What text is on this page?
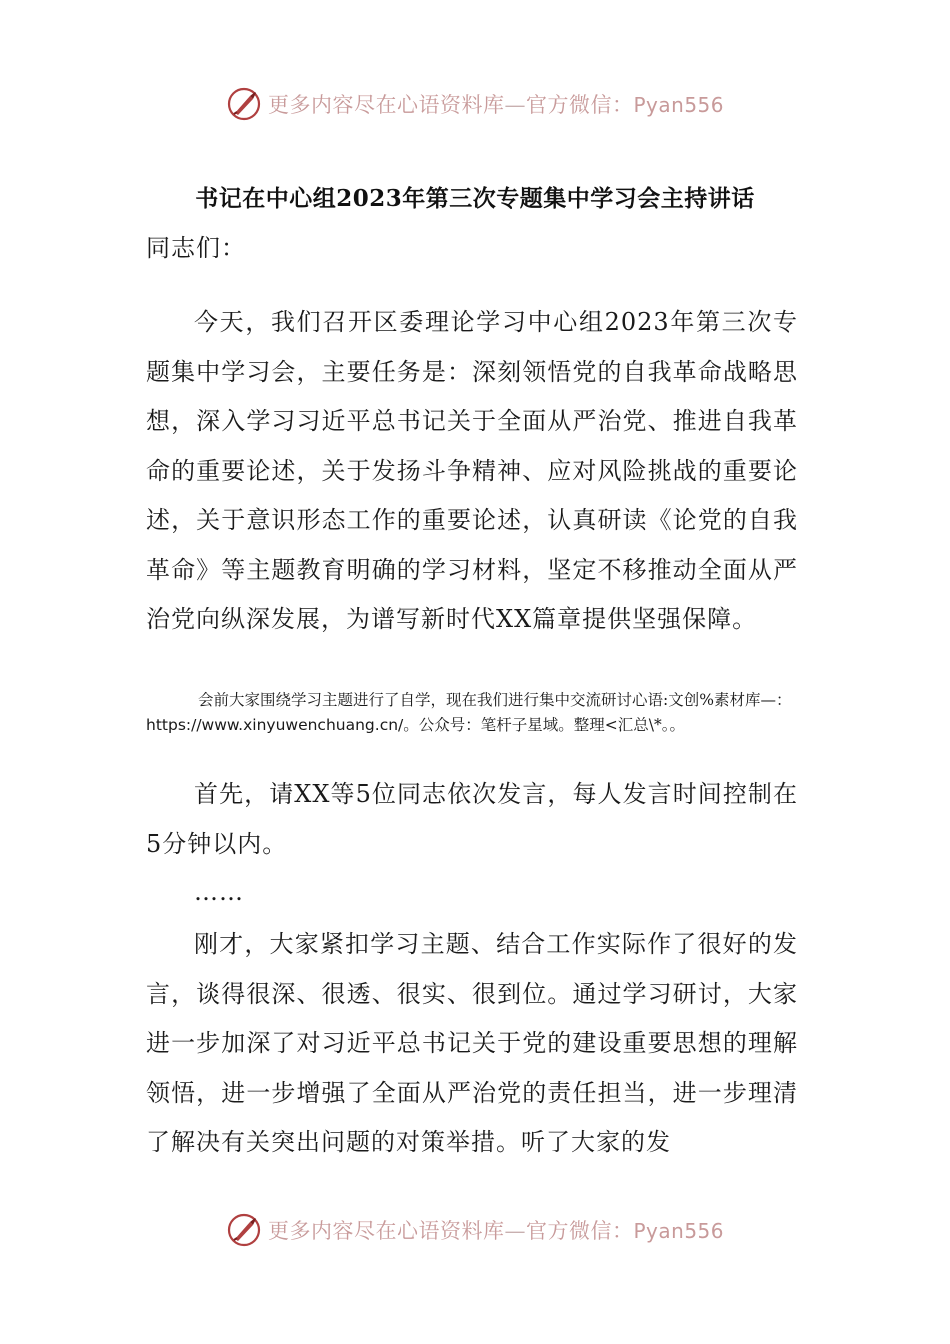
更多内容尽在心语资料库—官方微信：Pyan556
书记在中心组2023年第三次专题集中学习会主持讲话
同志们：
今天，我们召开区委理论学习中心组2023年第三次专题集中学习会，主要任务是：深刻领悟党的自我革命战略思想，深入学习习近平总书记关于全面从严治党、推进自我革命的重要论述，关于发扬斗争精神、应对风险挑战的重要论述，关于意识形态工作的重要论述，认真研读《论党的自我革命》等主题教育明确的学习材料，坚定不移推动全面从严治党向纵深发展，为谱写新时代XX篇章提供坚强保障。
会前大家围绕学习主题进行了自学，现在我们进行集中交流研讨心语:文创%素材库—：https://www.xinyuwenchuang.cn/。公众号：笔杆子星域。整理<汇总\*。。
首先，请XX等5位同志依次发言，每人发言时间控制在5分钟以内。
……
刚才，大家紧扣学习主题、结合工作实际作了很好的发言，谈得很深、很透、很实、很到位。通过学习研讨，大家进一步加深了对习近平总书记关于党的建设重要思想的理解领悟，进一步增强了全面从严治党的责任担当，进一步理清了解决有关突出问题的对策举措。听了大家的发
更多内容尽在心语资料库—官方微信：Pyan556
